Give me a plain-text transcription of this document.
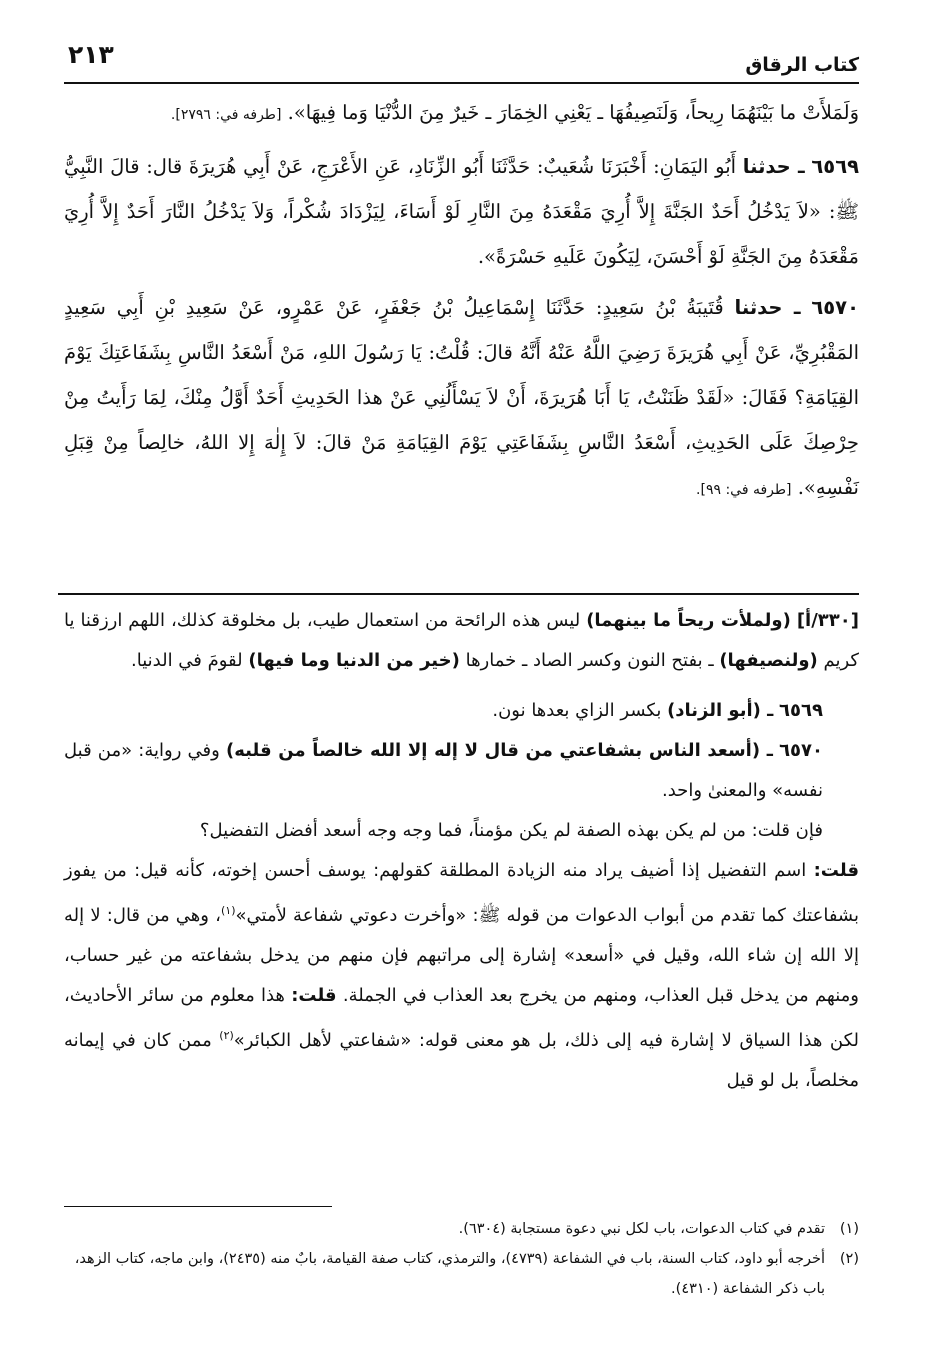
كتاب الرقاق
٢١٣

وَلَمَلأَتْ ما بَيْنَهُمَا رِيحاً، وَلَنَصِيفُهَا ـ يَعْنِي الخِمَارَ ـ خَيرٌ مِنَ الدُّنْيَا وَما فِيهَا». [طرفه في: ٢٧٩٦].

٦٥٦٩ ـ حدثنا أَبُو اليَمَانِ: أَخْبَرَنَا شُعَيبٌ: حَدَّثَنَا أَبُو الزِّنَادِ، عَنِ الأَعْرَجِ، عَنْ أَبِي هُرَيرَةَ قال: قالَ النَّبِيُّ ﷺ: «لاَ يَدْخُلُ أَحَدٌ الجَنَّةَ إِلاَّ أُرِيَ مَقْعَدَهُ مِنَ النَّارِ لَوْ أَسَاءَ، لِيَزْدَادَ شُكْراً، وَلاَ يَدْخُلُ النَّارَ أَحَدٌ إِلاَّ أُرِيَ مَقْعَدَهُ مِنَ الجَنَّةِ لَوْ أَحْسَنَ، لِيَكُونَ عَلَيهِ حَسْرَةً».

٦٥٧٠ ـ حدثنا قُتَيبَةُ بْنُ سَعِيدٍ: حَدَّثَنَا إِسْمَاعِيلُ بْنُ جَعْفَرٍ، عَنْ عَمْرٍو، عَنْ سَعِيدِ بْنِ أَبِي سَعِيدٍ المَقْبُرِيِّ، عَنْ أَبِي هُرَيرَةَ رَضِيَ اللَّهُ عَنْهُ أَنَّهُ قالَ: قُلْتُ: يَا رَسُولَ اللهِ، مَنْ أَسْعَدُ النَّاسِ بِشَفَاعَتِكَ يَوْمَ القِيَامَةِ؟ فَقَالَ: «لَقَدْ ظَنَنْتُ، يَا أَبَا هُرَيرَةَ، أَنْ لاَ يَسْأَلُنِي عَنْ هذا الحَدِيثِ أَحَدٌ أَوَّلُ مِنْكَ، لِمَا رَأَيتُ مِنْ حِرْصِكَ عَلَى الحَدِيثِ، أَسْعَدُ النَّاسِ بِشَفَاعَتِي يَوْمَ القِيَامَةِ مَنْ قالَ: لاَ إِلٰهَ إِلا اللهُ، خالِصاً مِنْ قِبَلِ نَفْسِهِ». [طرفه في: ٩٩].

[٣٣٠/أ] (ولملأت ريحاً ما بينهما) ليس هذه الرائحة من استعمال طيب، بل مخلوقة كذلك، اللهم ارزقنا يا كريم (ولنصيفها) ـ بفتح النون وكسر الصاد ـ خمارها (خير من الدنيا وما فيها) لقومَ في الدنيا.

٦٥٦٩ ـ (أبو الزناد) بكسر الزاي بعدها نون.

٦٥٧٠ ـ (أسعد الناس بشفاعتي من قال لا إله إلا الله خالصاً من قلبه) وفي رواية: «من قبل نفسه» والمعنىٰ واحد.

فإن قلت: من لم يكن بهذه الصفة لم يكن مؤمناً، فما وجه وجه أسعد أفضل التفضيل؟

قلت: اسم التفضيل إذا أضيف يراد منه الزيادة المطلقة كقولهم: يوسف أحسن إخوته، كأنه قيل: من يفوز بشفاعتك كما تقدم من أبواب الدعوات من قوله ﷺ: «وأخرت دعوتي شفاعة لأمتي»$^{(١)}$، وهي من قال: لا إله إلا الله إن شاء الله، وقيل في «أسعد» إشارة إلى مراتبهم فإن منهم من يدخل بشفاعته من غير حساب، ومنهم من يدخل قبل العذاب، ومنهم من يخرج بعد العذاب في الجملة. قلت: هذا معلوم من سائر الأحاديث، لكن هذا السياق لا إشارة فيه إلى ذلك، بل هو معنى قوله: «شفاعتي لأهل الكبائر»$^{(٢)}$ ممن كان في إيمانه مخلصاً، بل لو قيل

(١)
تقدم في كتاب الدعوات، باب لكل نبي دعوة مستجابة (٦٣٠٤).
(٢)
أخرجه أبو داود، كتاب السنة، باب في الشفاعة (٤٧٣٩)، والترمذي، كتاب صفة القيامة، بابٌ منه (٢٤٣٥)، وابن ماجه، كتاب الزهد، باب ذكر الشفاعة (٤٣١٠).
